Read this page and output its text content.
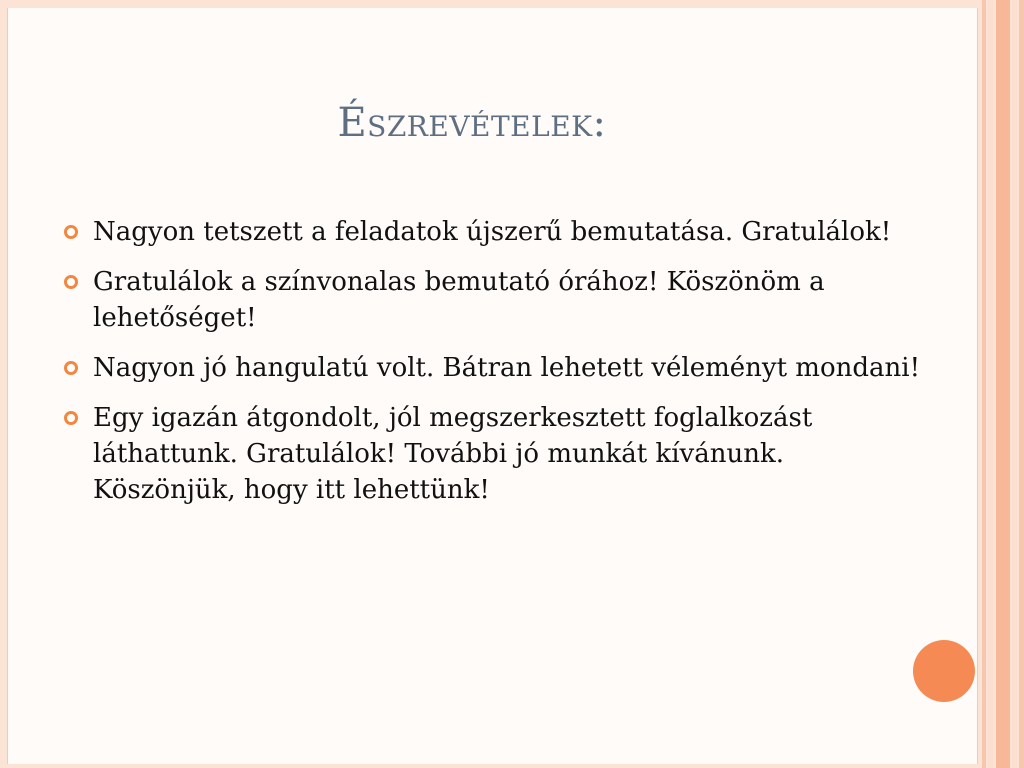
Észrevételek:
Nagyon tetszett a feladatok újszerű bemutatása. Gratulálok!
Gratulálok a színvonalas bemutató órához! Köszönöm a lehetőséget!
Nagyon jó hangulatú volt. Bátran lehetett véleményt mondani!
Egy igazán átgondolt, jól megszerkesztett foglalkozást láthattunk. Gratulálok! További jó munkát kívánunk. Köszönjük, hogy itt lehettünk!
